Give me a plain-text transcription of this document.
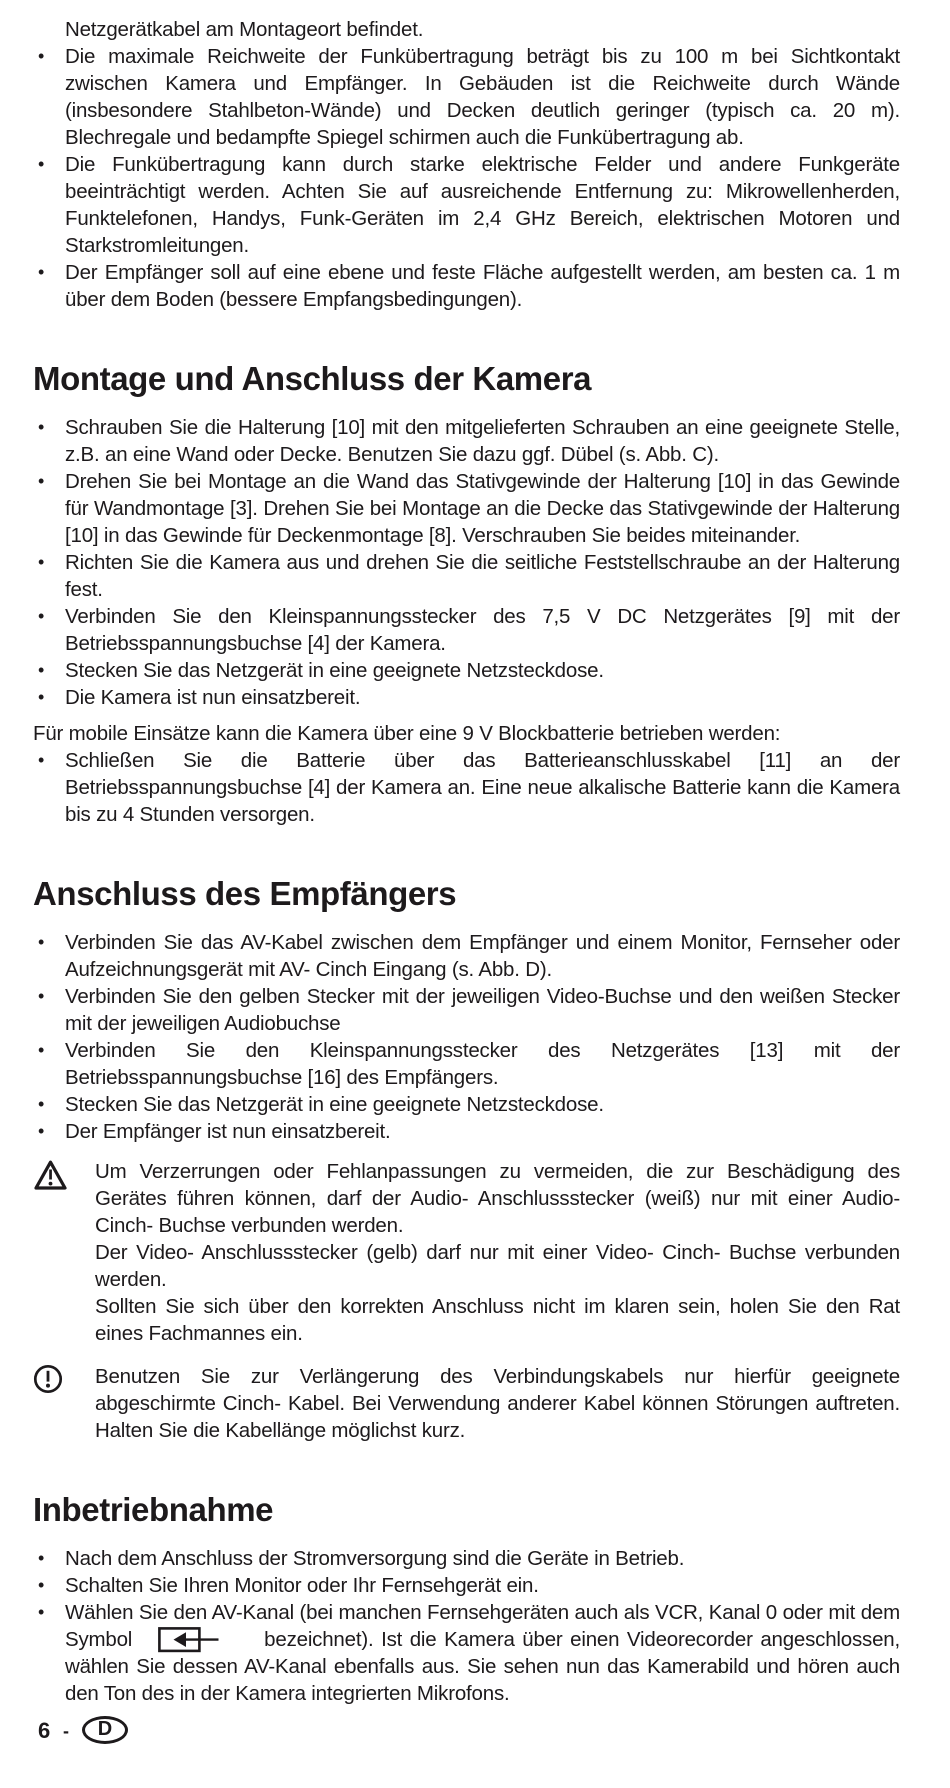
Netzgerätkabel am Montageort befindet.

•	Die maximale Reichweite der Funkübertragung beträgt bis zu 100 m bei Sichtkontakt zwischen Kamera und Empfänger. In Gebäuden ist die Reichweite durch Wände (insbesondere Stahlbeton-Wände) und Decken deutlich geringer (typisch ca. 20 m). Blechregale und bedampfte Spiegel schirmen auch die Funkübertragung ab.
•	Die Funkübertragung kann durch starke elektrische Felder und andere Funkgeräte beeinträchtigt werden. Achten Sie auf ausreichende Entfernung zu: Mikrowellenherden, Funktelefonen, Handys, Funk-Geräten im 2,4 GHz Bereich, elektrischen Motoren und Starkstromleitungen.
•	Der Empfänger soll auf eine ebene und feste Fläche aufgestellt werden, am besten ca. 1 m über dem Boden (bessere Empfangsbedingungen).
Montage und Anschluss der Kamera
•	Schrauben Sie die Halterung [10] mit den mitgelieferten Schrauben an eine geeignete Stelle, z.B. an eine Wand oder Decke. Benutzen Sie dazu ggf. Dübel (s. Abb. C).
•	Drehen Sie bei Montage an die Wand das Stativgewinde der Halterung [10] in das Gewinde für Wandmontage [3]. Drehen Sie bei Montage an die Decke das Stativgewinde der Halterung [10] in das Gewinde für Deckenmontage [8]. Verschrauben Sie beides miteinander.
•	Richten Sie die Kamera aus und drehen Sie die seitliche Feststellschraube an der Halterung fest.
•	Verbinden Sie den Kleinspannungsstecker des 7,5 V DC Netzgerätes [9] mit der Betriebsspannungsbuchse [4] der Kamera.
•	Stecken Sie das Netzgerät in eine geeignete Netzsteckdose.
•	Die Kamera ist nun einsatzbereit.

Für mobile Einsätze kann die Kamera über eine 9 V Blockbatterie betrieben werden:

•	Schließen Sie die Batterie über das Batterieanschlusskabel [11] an der Betriebsspannungsbuchse [4] der Kamera an. Eine neue alkalische Batterie kann die Kamera bis zu 4 Stunden versorgen.
Anschluss des Empfängers
•	Verbinden Sie das AV-Kabel zwischen dem Empfänger und einem Monitor, Fernseher oder Aufzeichnungsgerät mit AV- Cinch Eingang (s. Abb. D).
•	Verbinden Sie den gelben Stecker mit der jeweiligen Video-Buchse und den weißen Stecker mit der jeweiligen Audiobuchse
•	Verbinden Sie den Kleinspannungsstecker des Netzgerätes [13] mit der Betriebsspannungsbuchse [16] des Empfängers.
•	Stecken Sie das Netzgerät in eine geeignete Netzsteckdose.
•	Der Empfänger ist nun einsatzbereit.
Um Verzerrungen oder Fehlanpassungen zu vermeiden, die zur Beschädigung des Gerätes führen können, darf der Audio- Anschlussstecker (weiß) nur mit einer Audio- Cinch- Buchse verbunden werden.
Der Video- Anschlussstecker (gelb) darf nur mit einer Video- Cinch- Buchse verbunden werden.
Sollten Sie sich über den korrekten Anschluss nicht im klaren sein, holen Sie den Rat eines Fachmannes ein.
Benutzen Sie zur Verlängerung des Verbindungskabels nur hierfür geeignete abgeschirmte Cinch- Kabel. Bei Verwendung anderer Kabel können Störungen auftreten. Halten Sie die Kabellänge möglichst kurz.
Inbetriebnahme
•	Nach dem Anschluss der Stromversorgung sind die Geräte in Betrieb.
•	Schalten Sie Ihren Monitor oder Ihr Fernsehgerät ein.
•	Wählen Sie den AV-Kanal (bei manchen Fernsehgeräten auch als VCR, Kanal 0 oder mit dem Symbol	bezeichnet). Ist die Kamera über einen Videorecorder angeschlossen, wählen Sie dessen AV-Kanal ebenfalls aus. Sie sehen nun das Kamerabild und hören auch den Ton des in der Kamera integrierten Mikrofons.
6 -	D
